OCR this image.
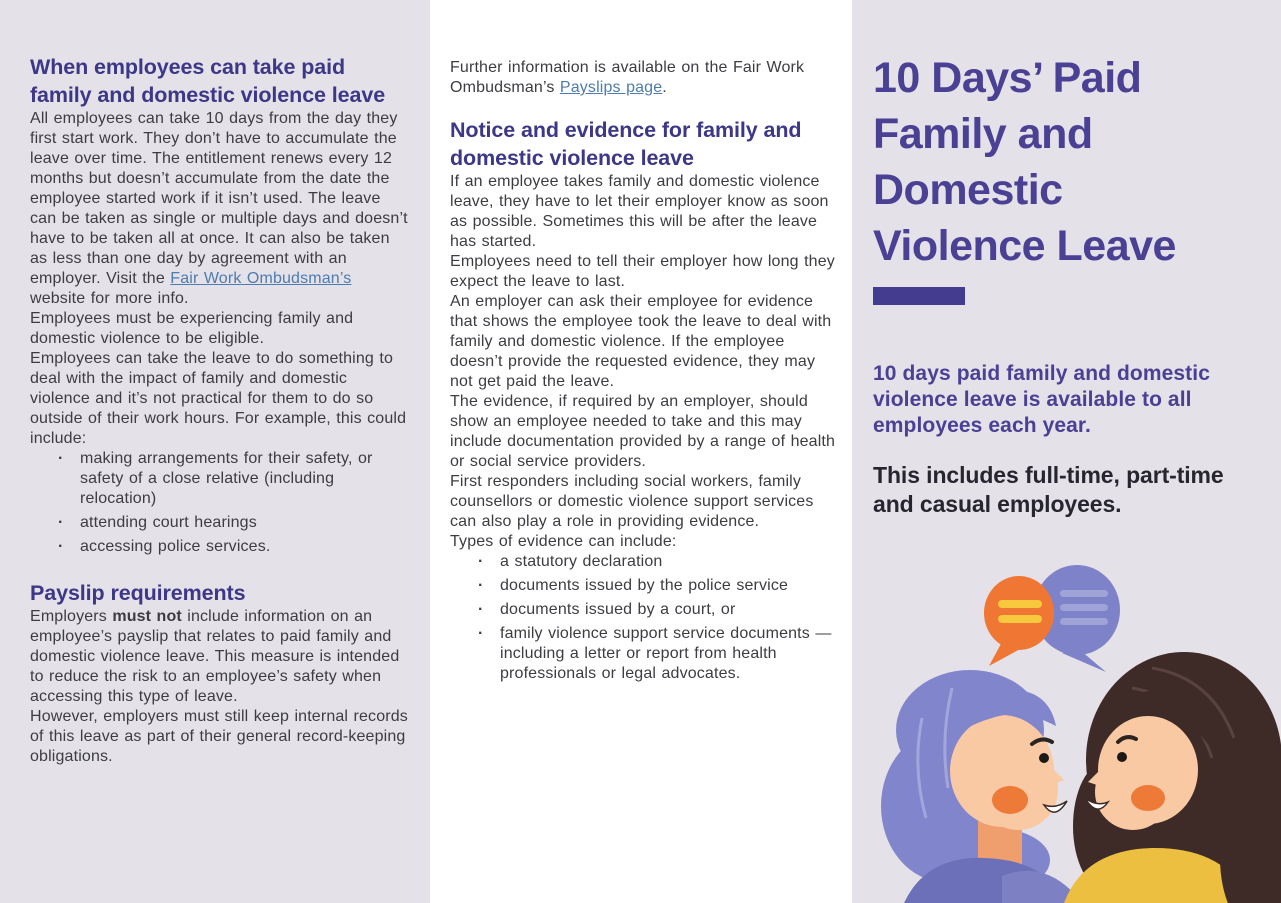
When employees can take paid family and domestic violence leave

All employees can take 10 days from the day they first start work. They don’t have to accumulate the leave over time. The entitlement renews every 12 months but doesn’t accumulate from the date the employee started work if it isn’t used. The leave can be taken as single or multiple days and doesn’t have to be taken all at once. It can also be taken as less than one day by agreement with an employer. Visit the Fair Work Ombudsman’s website for more info.

Employees must be experiencing family and domestic violence to be eligible.

Employees can take the leave to do something to deal with the impact of family and domestic violence and it’s not practical for them to do so outside of their work hours. For example, this could include:

· making arrangements for their safety, or safety of a close relative (including relocation)
· attending court hearings
· accessing police services.
Payslip requirements

Employers must not include information on an employee’s payslip that relates to paid family and domestic violence leave. This measure is intended to reduce the risk to an employee’s safety when accessing this type of leave.

However, employers must still keep internal records of this leave as part of their general record-keeping obligations.

Further information is available on the Fair Work Ombudsman’s Payslips page.

Notice and evidence for family and domestic violence leave

If an employee takes family and domestic violence leave, they have to let their employer know as soon as possible. Sometimes this will be after the leave has started.

Employees need to tell their employer how long they expect the leave to last.

An employer can ask their employee for evidence that shows the employee took the leave to deal with family and domestic violence. If the employee doesn’t provide the requested evidence, they may not get paid the leave.

The evidence, if required by an employer, should show an employee needed to take and this may include documentation provided by a range of health or social service providers.

First responders including social workers, family counsellors or domestic violence support services can also play a role in providing evidence.

Types of evidence can include:

· a statutory declaration
· documents issued by the police service
· documents issued by a court, or
· family violence support service documents — including a letter or report from health professionals or legal advocates.
10 Days’ Paid
Family and
Domestic
Violence Leave

10 days paid family and domestic violence leave is available to all employees each year.

This includes full-time, part-time and casual employees.
